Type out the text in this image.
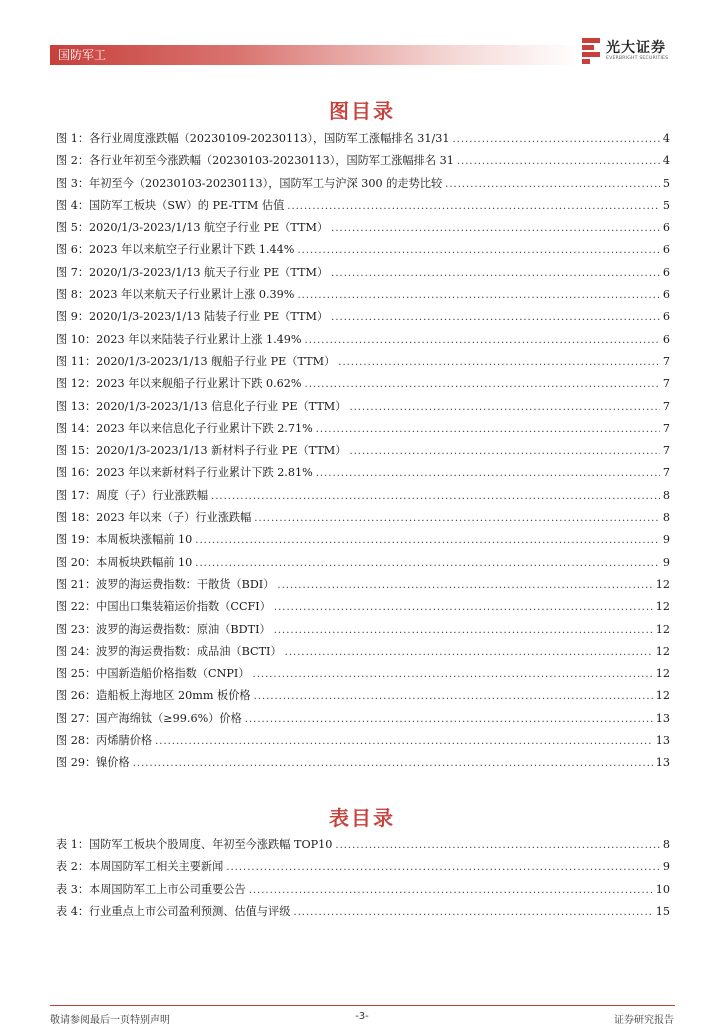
国防军工	光大证券
EVERBRIGHT SECURITIES
图目录
图 1：各行业周度涨跌幅（20230109-20230113），国防军工涨幅排名 31/31 .....	4
图 2：各行业年初至今涨跌幅（20230103-20230113），国防军工涨幅排名 31 .....	4
图 3：年初至今（20230103-20230113），国防军工与沪深 300 的走势比较 .....	5
图 4：国防军工板块（SW）的 PE-TTM 估值 .....	5
图 5：2020/1/3-2023/1/13 航空子行业 PE（TTM） .....	6
图 6：2023 年以来航空子行业累计下跌 1.44% .....	6
图 7：2020/1/3-2023/1/13 航天子行业 PE（TTM） .....	6
图 8：2023 年以来航天子行业累计上涨 0.39% .....	6
图 9：2020/1/3-2023/1/13 陆装子行业 PE（TTM） .....	6
图 10：2023 年以来陆装子行业累计上涨 1.49% .....	6
图 11：2020/1/3-2023/1/13 舰船子行业 PE（TTM） .....	7
图 12：2023 年以来舰船子行业累计下跌 0.62% .....	7
图 13：2020/1/3-2023/1/13 信息化子行业 PE（TTM） .....	7
图 14：2023 年以来信息化子行业累计下跌 2.71% .....	7
图 15：2020/1/3-2023/1/13 新材料子行业 PE（TTM） .....	7
图 16：2023 年以来新材料子行业累计下跌 2.81% .....	7
图 17：周度（子）行业涨跌幅 .....	8
图 18：2023 年以来（子）行业涨跌幅 .....	8
图 19：本周板块涨幅前 10 .....	9
图 20：本周板块跌幅前 10 .....	9
图 21：波罗的海运费指数：干散货（BDI） .....	12
图 22：中国出口集装箱运价指数（CCFI） .....	12
图 23：波罗的海运费指数：原油（BDTI） .....	12
图 24：波罗的海运费指数：成品油（BCTI） .....	12
图 25：中国新造船价格指数（CNPI） .....	12
图 26：造船板上海地区 20mm 板价格 .....	12
图 27：国产海绵钛（≥99.6%）价格 .....	13
图 28：丙烯腈价格 .....	13
图 29：镍价格 .....	13
表目录
表 1：国防军工板块个股周度、年初至今涨跌幅 TOP10 .....	8
表 2：本周国防军工相关主要新闻 .....	9
表 3：本周国防军工上市公司重要公告 .....	10
表 4：行业重点上市公司盈利预测、估值与评级 .....	15
敬请参阅最后一页特别声明	-3-	证券研究报告
